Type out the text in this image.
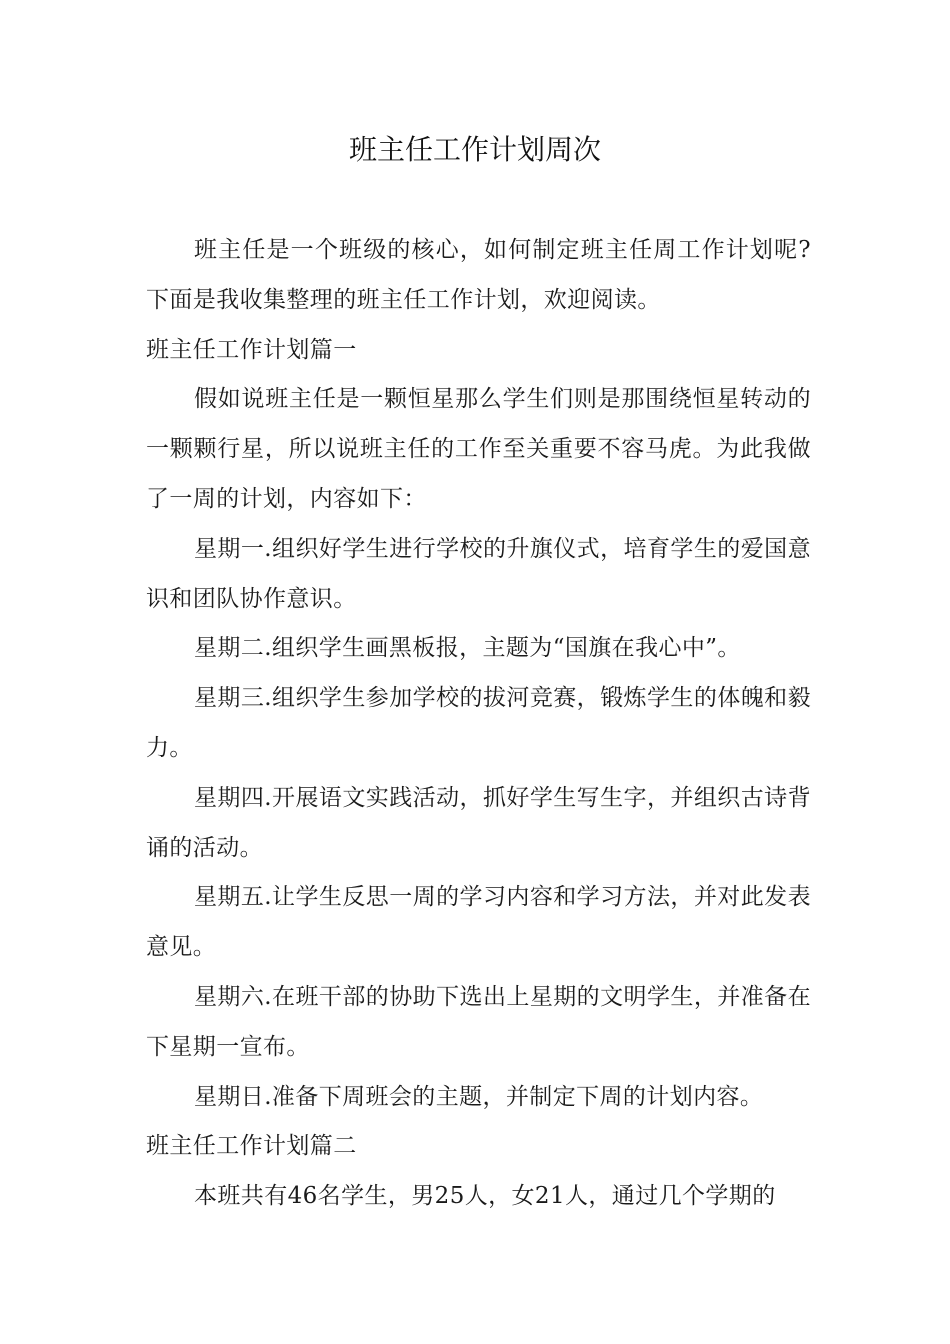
班主任工作计划周次

班主任是一个班级的核心，如何制定班主任周工作计划呢?下面是我收集整理的班主任工作计划，欢迎阅读。

班主任工作计划篇一

假如说班主任是一颗恒星那么学生们则是那围绕恒星转动的一颗颗行星，所以说班主任的工作至关重要不容马虎。为此我做了一周的计划，内容如下：

星期一.组织好学生进行学校的升旗仪式，培育学生的爱国意识和团队协作意识。

星期二.组织学生画黑板报，主题为“国旗在我心中”。

星期三.组织学生参加学校的拔河竞赛，锻炼学生的体魄和毅力。

星期四.开展语文实践活动，抓好学生写生字，并组织古诗背诵的活动。

星期五.让学生反思一周的学习内容和学习方法，并对此发表意见。

星期六.在班干部的协助下选出上星期的文明学生，并准备在下星期一宣布。

星期日.准备下周班会的主题，并制定下周的计划内容。

班主任工作计划篇二

本班共有46名学生，男25人，女21人，通过几个学期的
